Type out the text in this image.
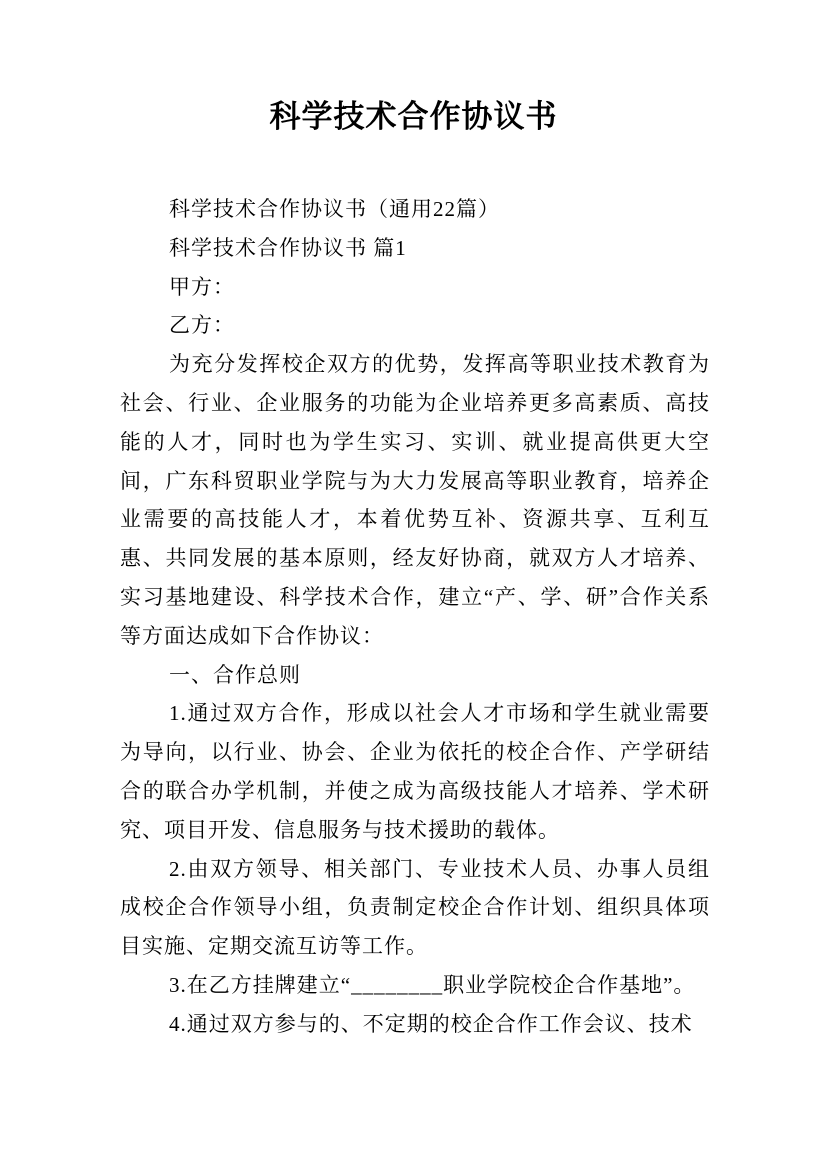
科学技术合作协议书

科学技术合作协议书（通用22篇）

科学技术合作协议书 篇1

甲方：

乙方：

为充分发挥校企双方的优势，发挥高等职业技术教育为社会、行业、企业服务的功能为企业培养更多高素质、高技能的人才，同时也为学生实习、实训、就业提高供更大空间，广东科贸职业学院与为大力发展高等职业教育，培养企业需要的高技能人才，本着优势互补、资源共享、互利互惠、共同发展的基本原则，经友好协商，就双方人才培养、实习基地建设、科学技术合作，建立“产、学、研”合作关系等方面达成如下合作协议：

一、合作总则

1.通过双方合作，形成以社会人才市场和学生就业需要为导向，以行业、协会、企业为依托的校企合作、产学研结合的联合办学机制，并使之成为高级技能人才培养、学术研究、项目开发、信息服务与技术援助的载体。

2.由双方领导、相关部门、专业技术人员、办事人员组成校企合作领导小组，负责制定校企合作计划、组织具体项目实施、定期交流互访等工作。

3.在乙方挂牌建立“________职业学院校企合作基地”。

4.通过双方参与的、不定期的校企合作工作会议、技术
